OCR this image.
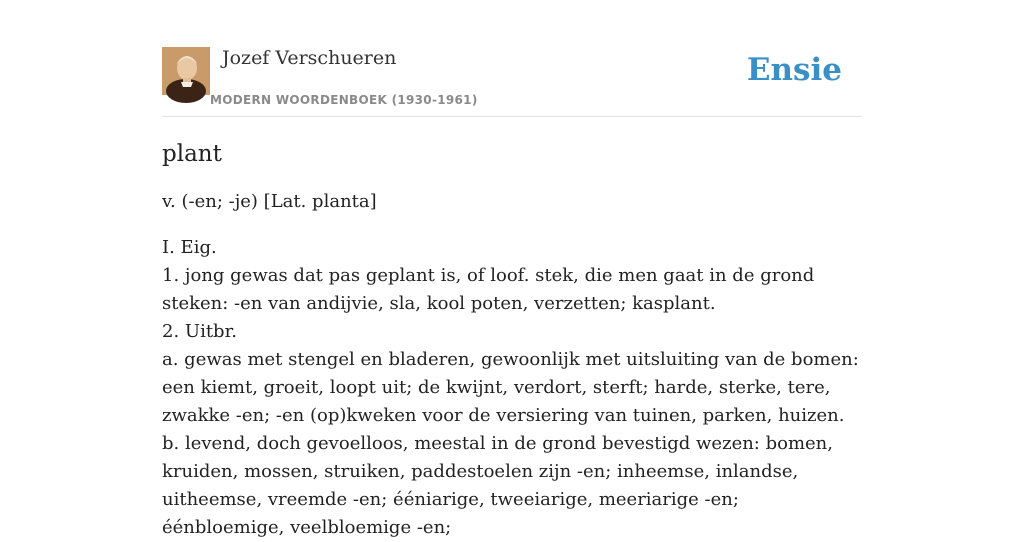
Jozef Verschueren
MODERN WOORDENBOEK (1930-1961)
Ensie
plant

v. (-en; -je) [Lat. planta]

I. Eig.
1. jong gewas dat pas geplant is, of loof. stek, die men gaat in de grond steken: -en van andijvie, sla, kool poten, verzetten; kasplant.
2. Uitbr.
a. gewas met stengel en bladeren, gewoonlijk met uitsluiting van de bomen: een kiemt, groeit, loopt uit; de kwijnt, verdort, sterft; harde, sterke, tere, zwakke -en; -en (op)kweken voor de versiering van tuinen, parken, huizen. b. levend, doch gevoelloos, meestal in de grond bevestigd wezen: bomen, kruiden, mossen, struiken, paddestoelen zijn -en; inheemse, inlandse, uitheemse, vreemde -en; ééniarige, tweeiarige, meeriarige -en; éénbloemige, veelbloemige -en;
